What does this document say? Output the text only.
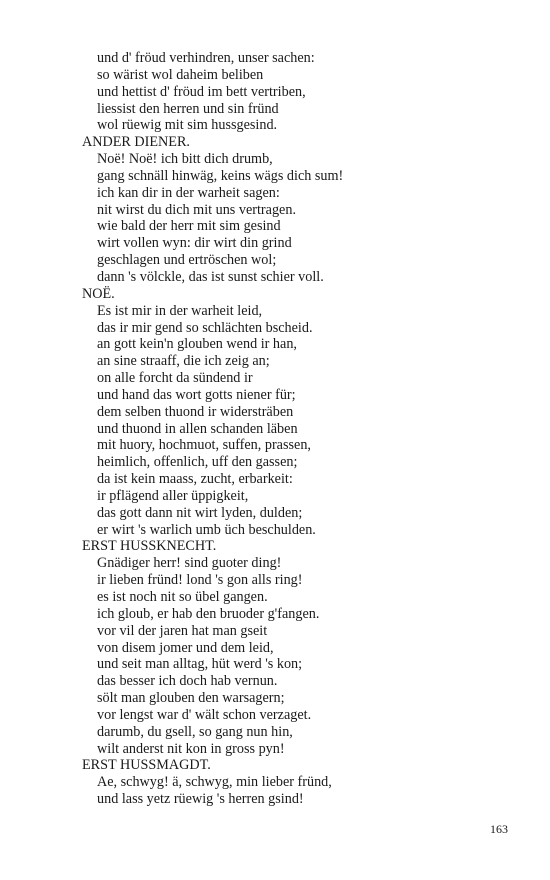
und d' fröud verhindren, unser sachen:
so wärist wol daheim beliben
und hettist d' fröud im bett vertriben,
liessist den herren und sin fründ
wol rüewig mit sim hussgesind.
ANDER DIENER.
Noë! Noë! ich bitt dich drumb,
gang schnäll hinwäg, keins wägs dich sum!
ich kan dir in der warheit sagen:
nit wirst du dich mit uns vertragen.
wie bald der herr mit sim gesind
wirt vollen wyn: dir wirt din grind
geschlagen und ertröschen wol;
dann 's völckle, das ist sunst schier voll.
NOË.
Es ist mir in der warheit leid,
das ir mir gend so schlächten bscheid.
an gott kein'n glouben wend ir han,
an sine straaff, die ich zeig an;
on alle forcht da sündend ir
und hand das wort gotts niener für;
dem selben thuond ir widersträben
und thuond in allen schanden läben
mit huory, hochmuot, suffen, prassen,
heimlich, offenlich, uff den gassen;
da ist kein maass, zucht, erbarkeit:
ir pflägend aller üppigkeit,
das gott dann nit wirt lyden, dulden;
er wirt 's warlich umb üch beschulden.
ERST HUSSKNECHT.
Gnädiger herr! sind guoter ding!
ir lieben fründ! lond 's gon alls ring!
es ist noch nit so übel gangen.
ich gloub, er hab den bruoder g'fangen.
vor vil der jaren hat man gseit
von disem jomer und dem leid,
und seit man alltag, hüt werd 's kon;
das besser ich doch hab vernun.
sölt man glouben den warsagern;
vor lengst war d' wält schon verzaget.
darumb, du gsell, so gang nun hin,
wilt anderst nit kon in gross pyn!
ERST HUSSMAGDT.
Ae, schwyg! ä, schwyg, min lieber fründ,
und lass yetz rüewig 's herren gsind!
163
